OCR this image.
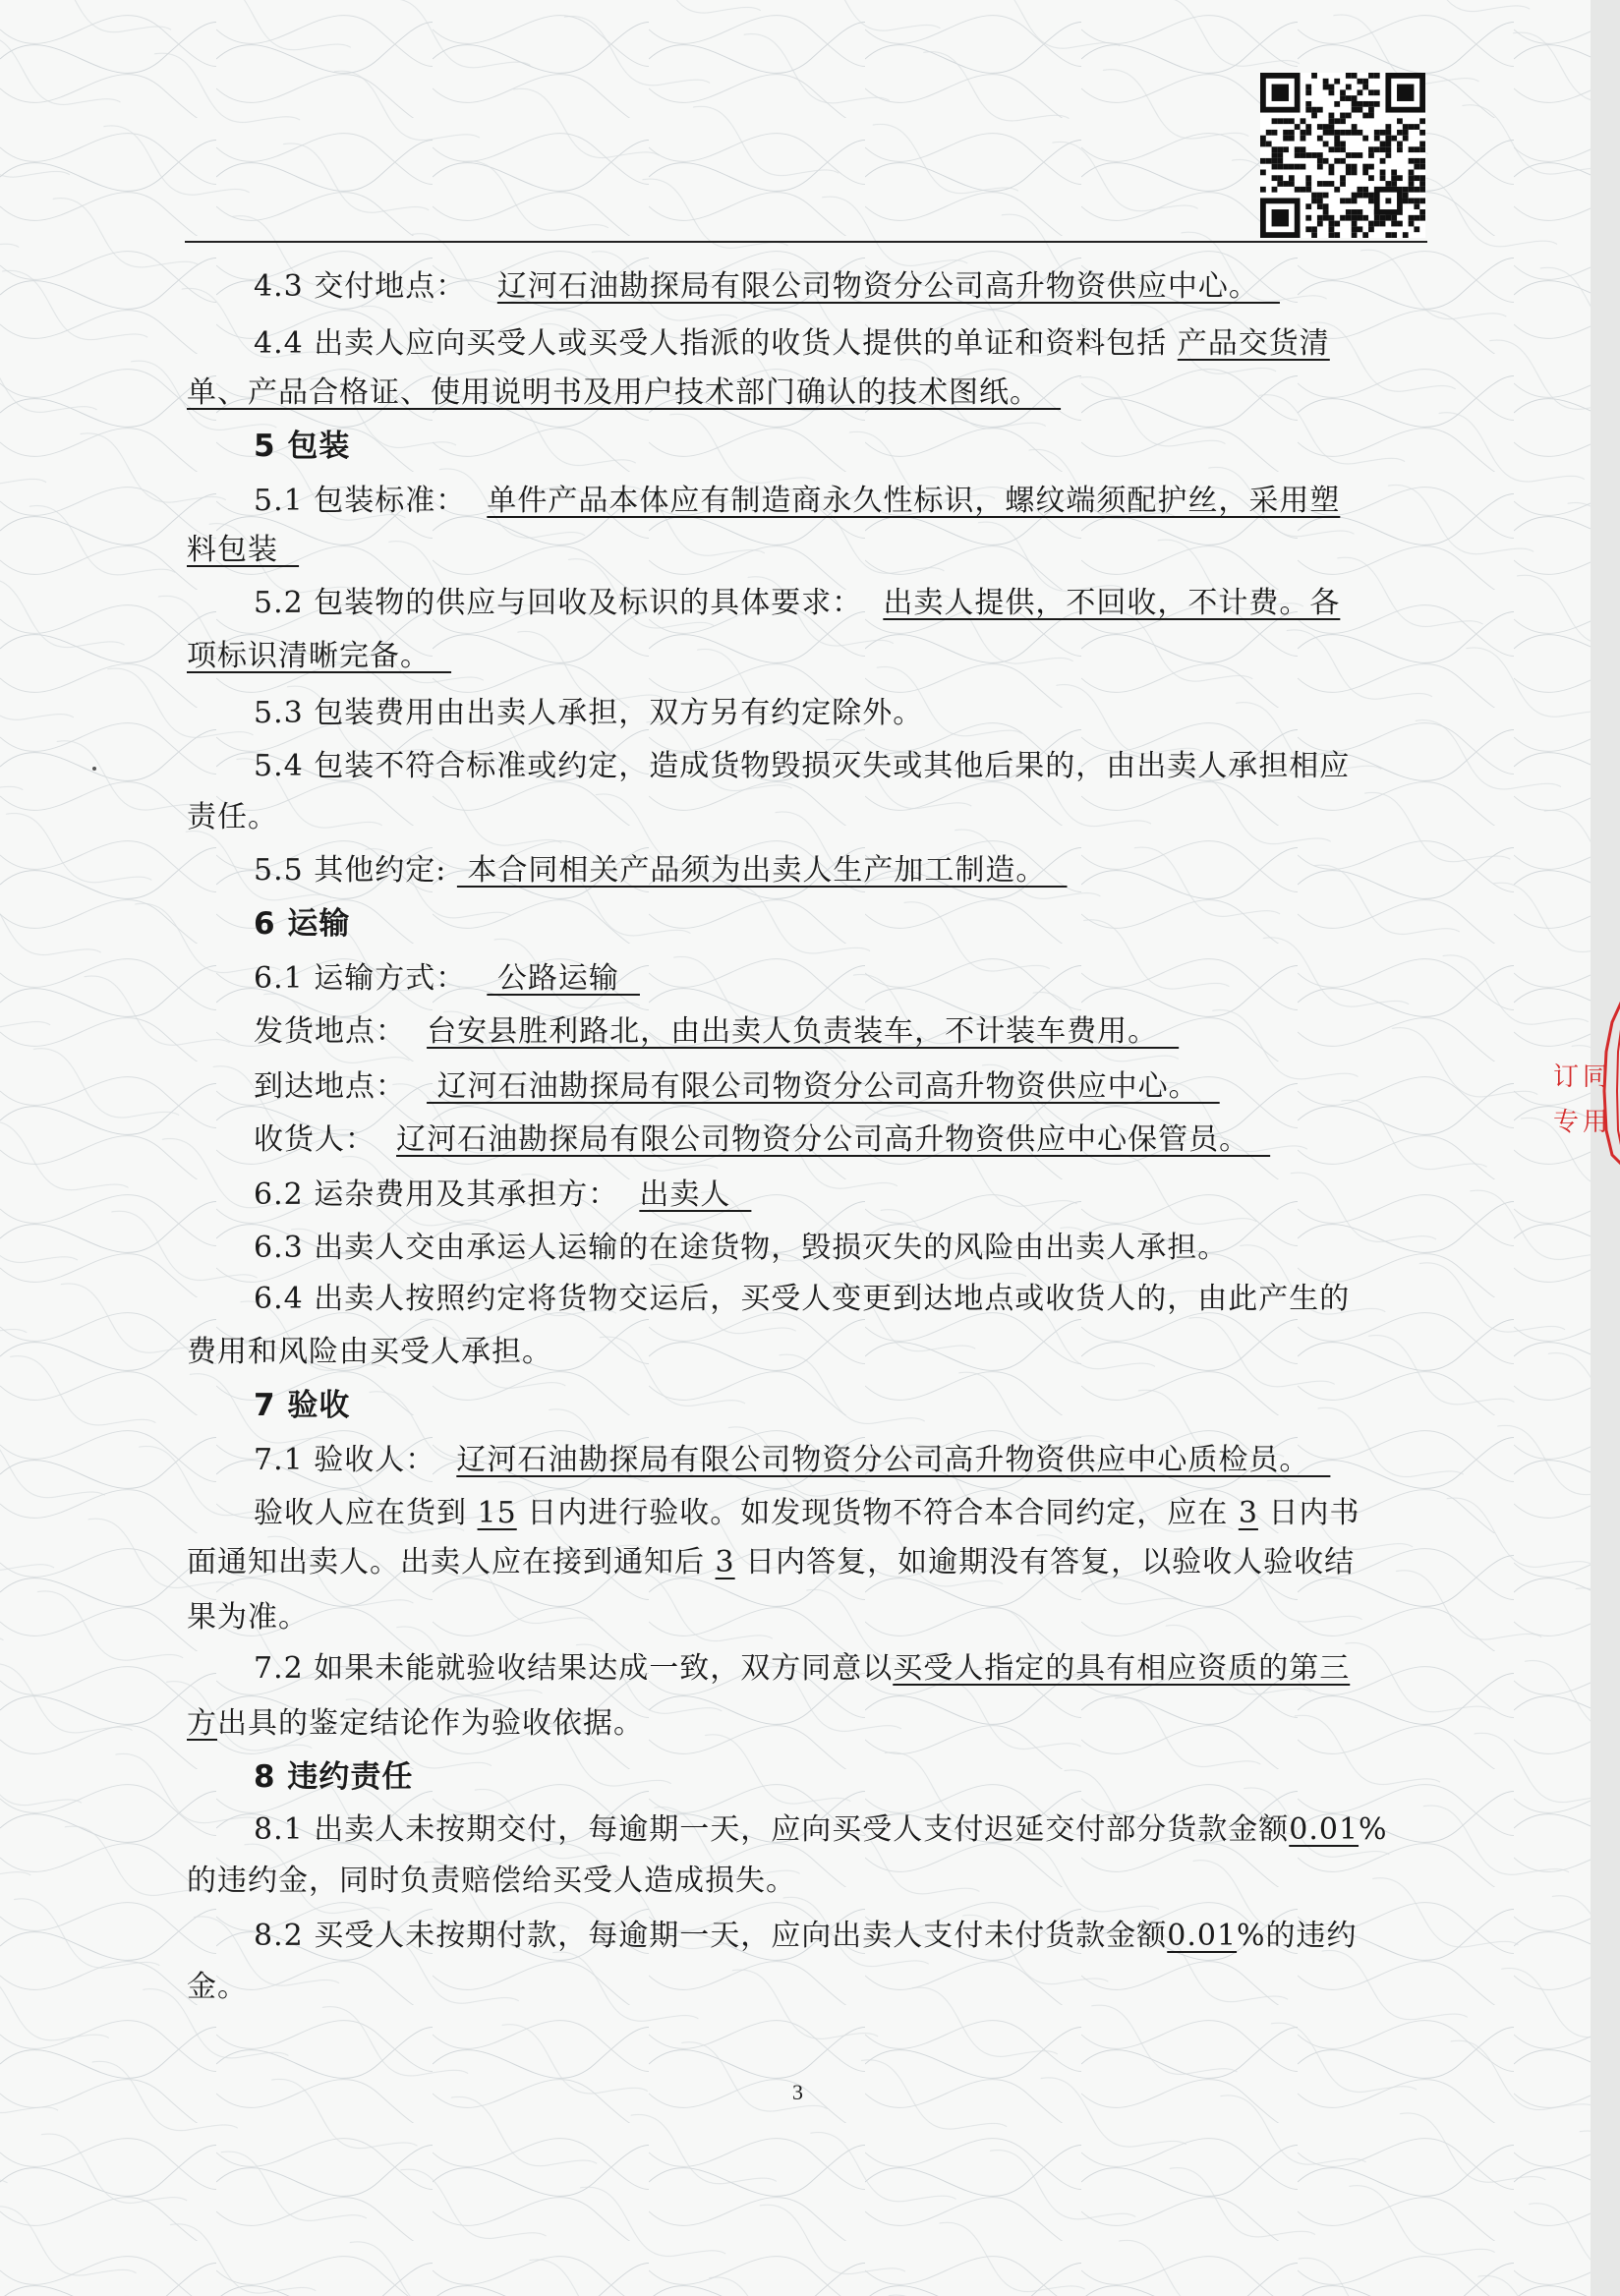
4.3 交付地点：   辽河石油勘探局有限公司物资分公司高升物资供应中心。
4.4 出卖人应向买受人或买受人指派的收货人提供的单证和资料包括 产品交货清
单、产品合格证、使用说明书及用户技术部门确认的技术图纸。
5 包装
5.1 包装标准：  单件产品本体应有制造商永久性标识，螺纹端须配护丝，采用塑
料包装
5.2 包装物的供应与回收及标识的具体要求：  出卖人提供，不回收，不计费。各
项标识清晰完备。
5.3 包装费用由出卖人承担，双方另有约定除外。
5.4 包装不符合标准或约定，造成货物毁损灭失或其他后果的，由出卖人承担相应
责任。
5.5 其他约定:  本合同相关产品须为出卖人生产加工制造。
6 运输
6.1 运输方式：   公路运输
发货地点：  台安县胜利路北，由出卖人负责装车，不计装车费用。
到达地点：   辽河石油勘探局有限公司物资分公司高升物资供应中心。
收货人：  辽河石油勘探局有限公司物资分公司高升物资供应中心保管员。
6.2 运杂费用及其承担方：  出卖人
6.3 出卖人交由承运人运输的在途货物，毁损灭失的风险由出卖人承担。
6.4 出卖人按照约定将货物交运后，买受人变更到达地点或收货人的，由此产生的
费用和风险由买受人承担。
7 验收
7.1 验收人：  辽河石油勘探局有限公司物资分公司高升物资供应中心质检员。
验收人应在货到 15 日内进行验收。如发现货物不符合本合同约定，应在 3 日内书
面通知出卖人。出卖人应在接到通知后 3 日内答复，如逾期没有答复，以验收人验收结
果为准。
7.2 如果未能就验收结果达成一致，双方同意以买受人指定的具有相应资质的第三
方出具的鉴定结论作为验收依据。
8 违约责任
8.1 出卖人未按期交付，每逾期一天，应向买受人支付迟延交付部分货款金额0.01%
的违约金，同时负责赔偿给买受人造成损失。
8.2 买受人未按期付款，每逾期一天，应向出卖人支付未付货款金额0.01%的违约
金。
订 同
专 用
3
